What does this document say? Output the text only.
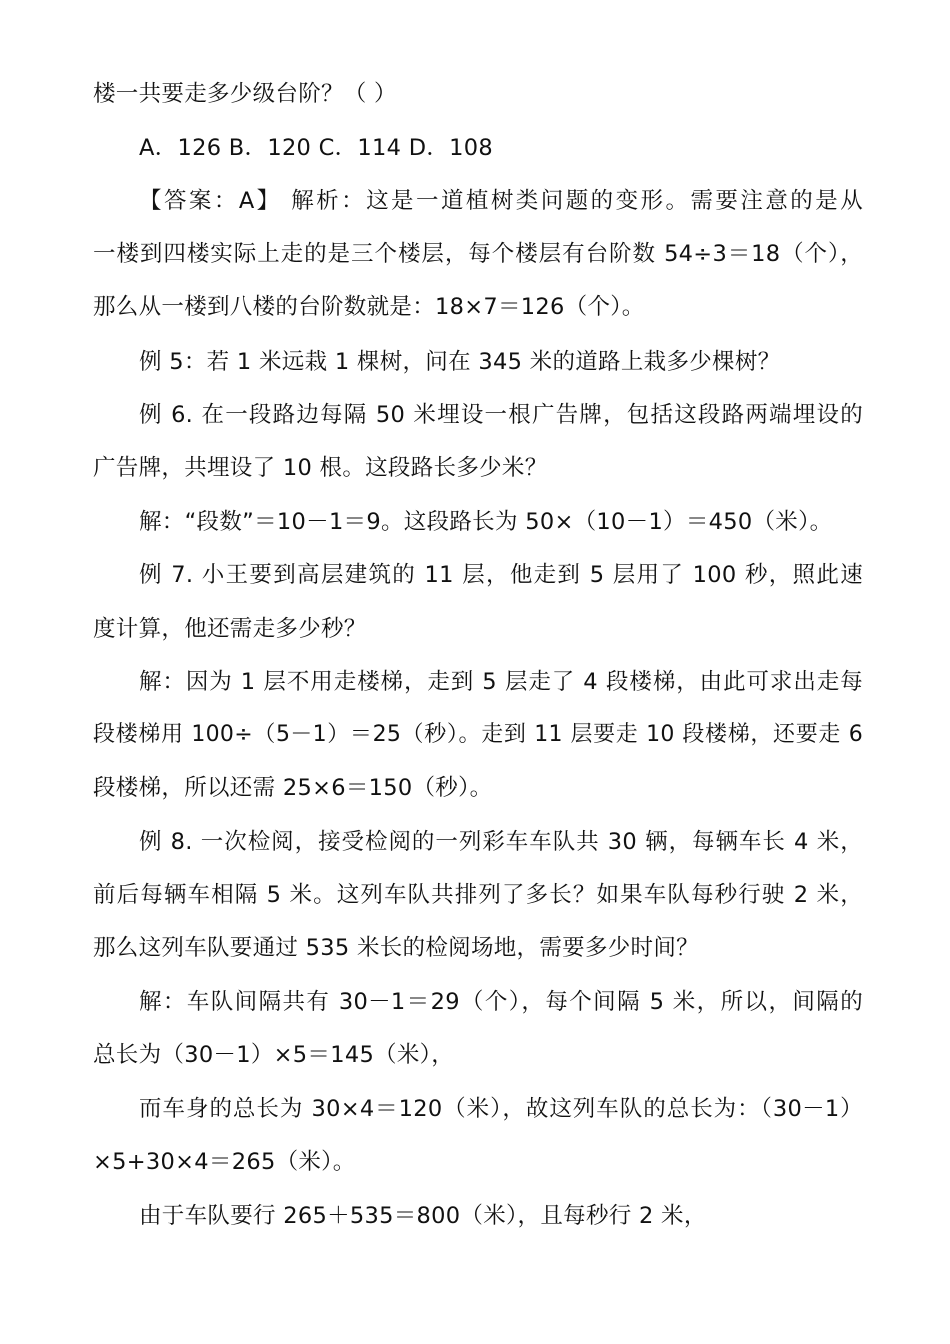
楼一共要走多少级台阶？（ ）
A．126 B．120 C．114 D．108
【答案：A】 解析：这是一道植树类问题的变形。需要注意的是从
一楼到四楼实际上走的是三个楼层，每个楼层有台阶数 54÷3＝18（个），
那么从一楼到八楼的台阶数就是：18×7＝126（个）。
例 5：若 1 米远栽 1 棵树，问在 345 米的道路上栽多少棵树？
例 6. 在一段路边每隔 50 米埋设一根广告牌，包括这段路两端埋设的
广告牌，共埋设了 10 根。这段路长多少米？
解：“段数”＝10－1＝9。这段路长为 50×（10－1）＝450（米）。
例 7. 小王要到高层建筑的 11 层，他走到 5 层用了 100 秒，照此速
度计算，他还需走多少秒？
解：因为 1 层不用走楼梯，走到 5 层走了 4 段楼梯，由此可求出走每
段楼梯用 100÷（5－1）＝25（秒）。走到 11 层要走 10 段楼梯，还要走 6
段楼梯，所以还需 25×6＝150（秒）。
例 8. 一次检阅，接受检阅的一列彩车车队共 30 辆，每辆车长 4 米，
前后每辆车相隔 5 米。这列车队共排列了多长？如果车队每秒行驶 2 米，
那么这列车队要通过 535 米长的检阅场地，需要多少时间？
解：车队间隔共有 30－1＝29（个），每个间隔 5 米，所以，间隔的
总长为（30－1）×5＝145（米），
而车身的总长为 30×4＝120（米），故这列车队的总长为：（30－1）
×5+30×4＝265（米）。
由于车队要行 265＋535＝800（米），且每秒行 2 米，
